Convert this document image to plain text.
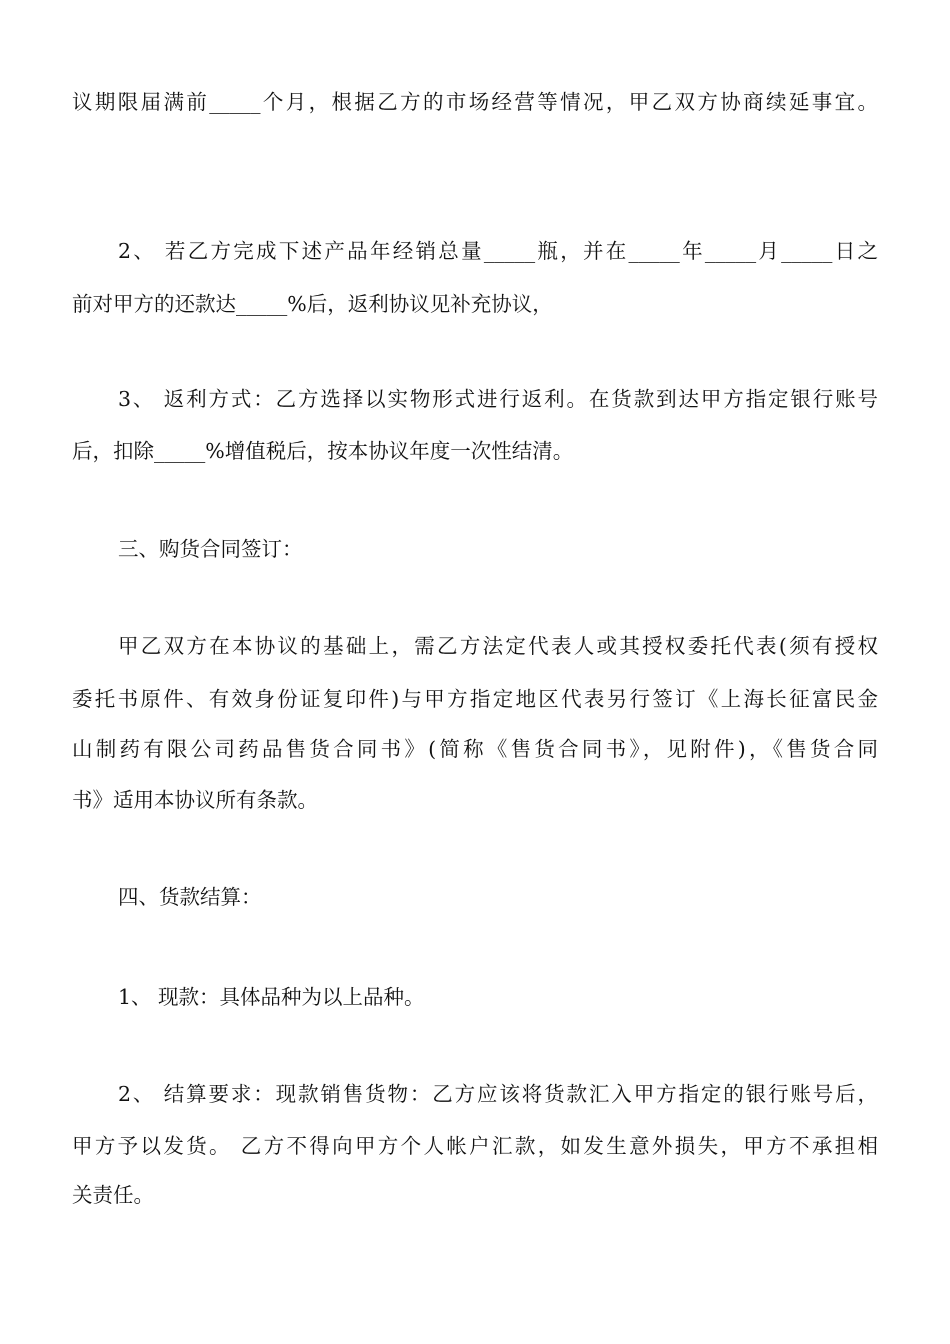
议期限届满前_____个月，根据乙方的市场经营等情况，甲乙双方协商续延事宜。
2、 若乙方完成下述产品年经销总量_____瓶，并在_____年_____月_____日之
前对甲方的还款达_____%后，返利协议见补充协议，
3、 返利方式：乙方选择以实物形式进行返利。在货款到达甲方指定银行账号
后，扣除_____%增值税后，按本协议年度一次性结清。
三、购货合同签订：
甲乙双方在本协议的基础上，需乙方法定代表人或其授权委托代表(须有授权
委托书原件、有效身份证复印件)与甲方指定地区代表另行签订《上海长征富民金
山制药有限公司药品售货合同书》(简称《售货合同书》，见附件)，《售货合同
书》适用本协议所有条款。
四、货款结算：
1、 现款：具体品种为以上品种。
2、 结算要求：现款销售货物：乙方应该将货款汇入甲方指定的银行账号后，
甲方予以发货。 乙方不得向甲方个人帐户汇款，如发生意外损失，甲方不承担相
关责任。
